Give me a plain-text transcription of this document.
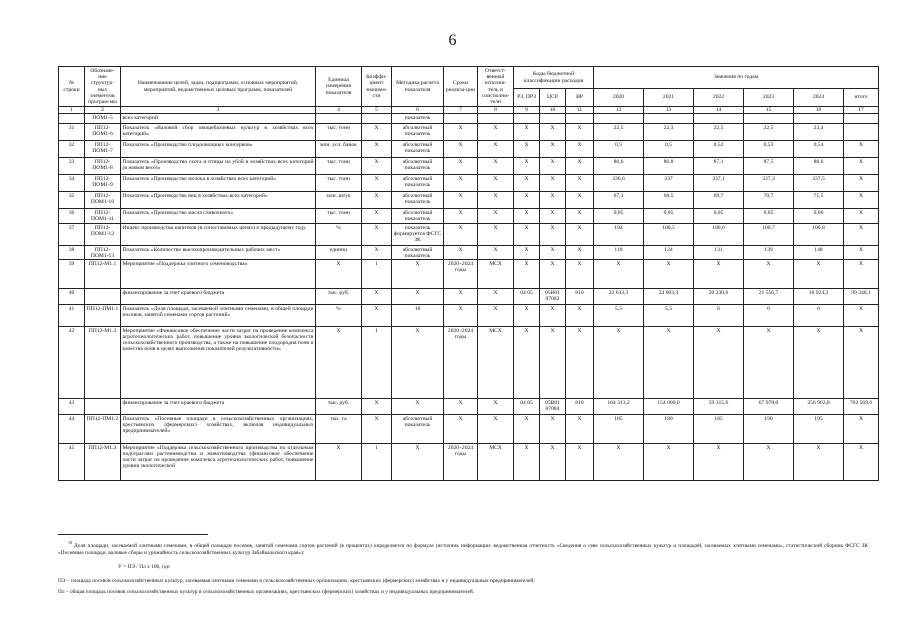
6
№ строки	Обозначе-ние структур-ных элементов програм-мы	Наименование целей, задач, подпрограмм, основных мероприятий, мероприятий, ведомственных целевых программ, показателей	Единица измерения показателя	Коэффи-циент значимо-сти	Методика расчета показателя	Сроки реализа-ции	Ответст-венный исполни-тель и соисполни-тели	Коды бюджетной классификации расходов			Значения по годам					
								РЗ, ПРЗ	ЦСР	ВР	2020	2021	2022	2023	2024	итого
1	2	3	4	5	6	7	8	9	10	11	12	13	14	15	16	17
	ПОМ1-5	всех категорий			показатель											
31	ПП12-ПОМ1-6	Показатель «Валовой сбор овощебахчевых культур в хозяйствах всех категорий»	тыс. тонн	Х	абсолютный показатель	Х	Х	Х	Х	Х	22,5	22,3	22,5	22,5	23,4	
32	ПП12-ПОМ1-7	Показатель «Производство плодоовощных консервов»	млн. усл. банок	Х	абсолютный показатель	Х	Х	Х	Х	Х	0,5	0,5	0,52	0,53	0,54	Х
33	ПП12-ПОМ1-8	Показатель «Производство скота и птицы на убой в хозяйствах всех категорий (в живом весе)»	тыс. тонн	Х	абсолютный показатель	Х	Х	Х	Х	Х	86,6	86,8	87,1	87,5	88,6	Х
34	ПП12-ПОМ1-9	Показатель «Производство молока в хозяйствах всех категорий»	тыс. тонн	Х	абсолютный показатель	Х	Х	Х	Х	Х	336,6	337	337,1	337,3	337,5	Х
35	ПП12-ПОМ1-10	Показатель «Производство яиц в хозяйствах всех категорий»	млн. штук	Х	абсолютный показатель	Х	Х	Х	Х	Х	67,1	68,5	69,7	70,7	71,5	Х
36	ПП12-ПОМ1-11	Показатель «Производство масла сливочного»	тыс. тонн	Х	абсолютный показатель	Х	Х	Х	Х	Х	0,05	0,05	0,05	0,05	0,06	Х
37	ПП12-ПОМ1-12	Индекс производства напитков (в сопоставимых ценах) к предыдущему году	%	Х	показатель формируется ФСГС ЗК	Х	Х	Х	Х	Х	104	100,5	100,6	100,7	100,8	Х
38	ПП12-ПОМ1-13	Показатель «Количество высокопроизводительных рабочих мест»	единиц	Х	абсолютный показатель	Х	Х	Х	Х	Х	118	124	131	139	148	Х
39	ПП12-М1.1	Мероприятие «Поддержка элитного семеноводства»	Х	1	Х	2020–2024 годы	МСХ	Х	Х	Х	Х	Х	Х	Х	Х	Х
40		финансирование за счет краевого бюджета	тыс. руб.	Х	Х	Х	Х	04 05	05В01 07082	810	22 633,3	24 003,3	20 230,6	21 556,7	10 924,2	99 348,1
41	ПП12-ПМ1.1	Показатель «Доля площади, засеваемой элитными семенами, в общей площади посевов, занятой семенами сортов растений»	%	Х	18	Х	Х	Х	Х	Х	5,5	5,5	6	6	6	Х
42	ПП12-М1.2	Мероприятие «Финансовое обеспечение части затрат на проведение комплекса агротехнологических работ, повышение уровня экологической безопасности сельскохозяйственного производства, а также на повышение плодородия почв и качества почв в целях выполнения показателей результативности»	Х	1	Х	2020–2024 годы	МСХ	Х	Х	Х	Х	Х	Х	Х	Х	Х
43		финансирование за счет краевого бюджета	тыс. руб.	Х	Х	Х	Х	04 05	05В01 07084	810	164 313,2	154 000,0	59 315,6	67 978,0	256 962,8	702 569,6
44	ПП12-ПМ1.2	Показатель «Посевные площади в сельскохозяйственных организациях, крестьянских (фермерских) хозяйствах, включая индивидуальных предпринимателей»	тыс. га	Х	абсолютный показатель	Х	Х	Х	Х	Х	185	180	185	190	195	Х
45	ПП12-М1.3	Мероприятие «Поддержка сельскохозяйственного производства по отдельным подотраслям растениеводства и животноводства (финансовое обеспечение части затрат на проведение комплекса агротехнологических работ, повышение уровня экологической	Х	1	Х	2020–2024 годы	МСХ	Х	Х	Х	Х	Х	Х	Х	Х	Х
$^{18}$ Доля площади, засеваемой элитными семенами, в общей площади посевов, занятой семенами сортов растений (в процентах) определяется по формуле (источник информации: ведомственная отчетность «Сведения о севе сельскохозяйственных культур и площадей, засеваемых элитными семенами», статистический сборник ФСГС ЗК «Посевные площади, валовые сборы и урожайность сельскохозяйственных культур Забайкальского края»):
У = ПЭ / Пл х 100, где:
ПЭ – площадь посевов сельскохозяйственных культур, засеваемая элитными семенами в сельскохозяйственных организациях, крестьянских (фермерских) хозяйствах и у индивидуальных предпринимателей;
Пл – общая площадь посевов сельскохозяйственных культур в сельскохозяйственных организациях, крестьянских (фермерских) хозяйствах и у индивидуальных предпринимателей.
